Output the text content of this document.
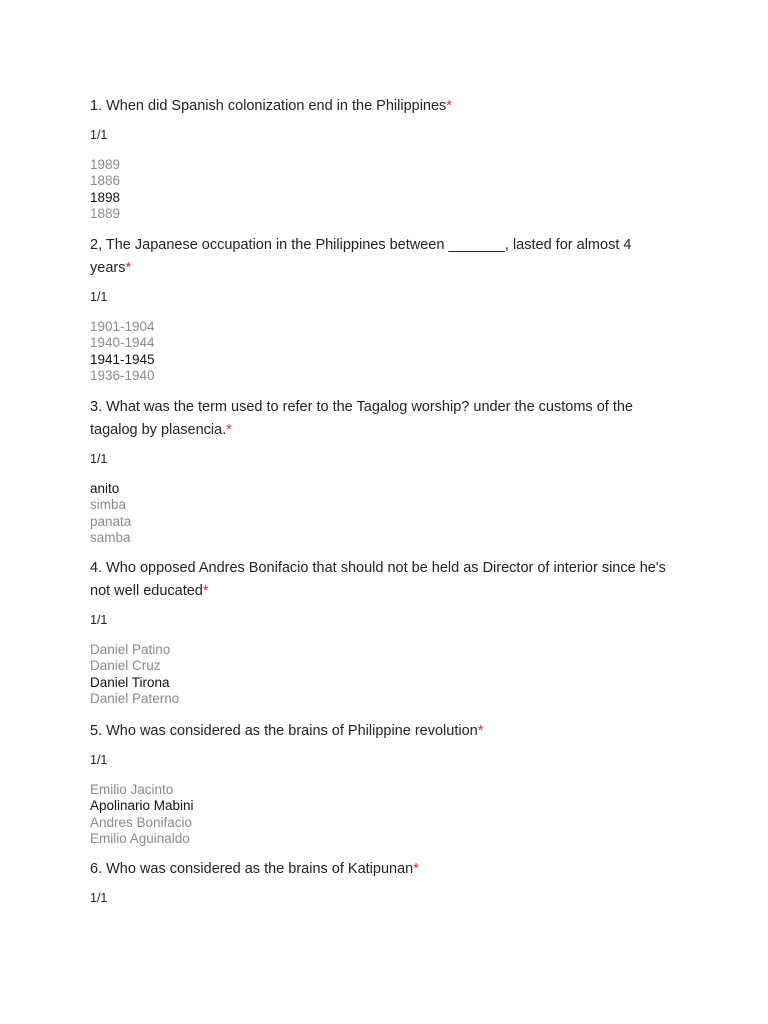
1. When did Spanish colonization end in the Philippines*

1/1
1989
1886
1898
1889

2, The Japanese occupation in the Philippines between _______, lasted for almost 4 years*

1/1
1901-1904
1940-1944
1941-1945
1936-1940

3. What was the term used to refer to the Tagalog worship? under the customs of the tagalog by plasencia.*

1/1
anito
simba
panata
samba

4. Who opposed Andres Bonifacio that should not be held as Director of interior since he's not well educated*

1/1
Daniel Patino
Daniel Cruz
Daniel Tirona
Daniel Paterno

5. Who was considered as the brains of Philippine revolution*

1/1
Emilio Jacinto
Apolinario Mabini
Andres Bonifacio
Emilio Aguinaldo

6. Who was considered as the brains of Katipunan*

1/1
